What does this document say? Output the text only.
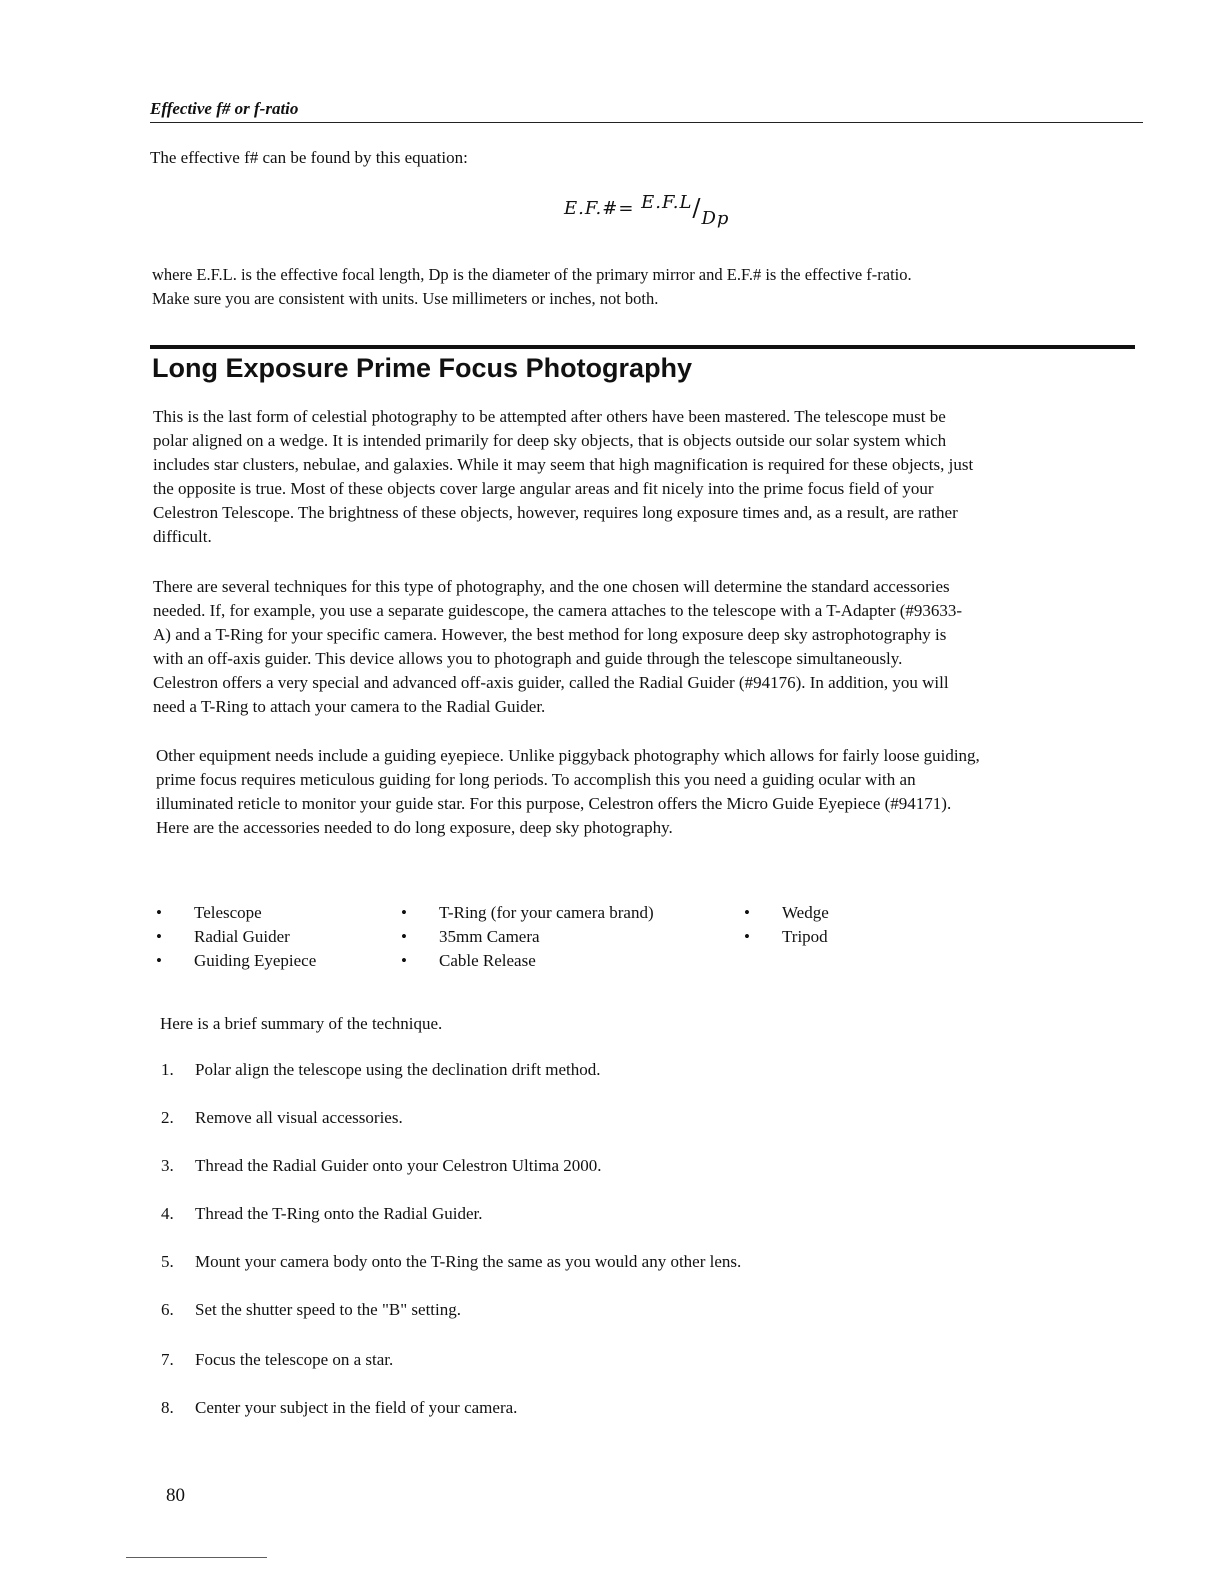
Effective f# or f-ratio
The effective f# can be found by this equation:
E.F.#= E.F.L/Dp
where E.F.L. is the effective focal length, Dp is the diameter of the primary mirror and E.F.# is the effective f-ratio.
Make sure you are consistent with units. Use millimeters or inches, not both.
Long Exposure Prime Focus Photography
This is the last form of celestial photography to be attempted after others have been mastered. The telescope must be
polar aligned on a wedge. It is intended primarily for deep sky objects, that is objects outside our solar system which
includes star clusters, nebulae, and galaxies. While it may seem that high magnification is required for these objects, just
the opposite is true. Most of these objects cover large angular areas and fit nicely into the prime focus field of your
Celestron Telescope. The brightness of these objects, however, requires long exposure times and, as a result, are rather
difficult.
There are several techniques for this type of photography, and the one chosen will determine the standard accessories
needed. If, for example, you use a separate guidescope, the camera attaches to the telescope with a T-Adapter (#93633-
A) and a T-Ring for your specific camera. However, the best method for long exposure deep sky astrophotography is
with an off-axis guider. This device allows you to photograph and guide through the telescope simultaneously.
Celestron offers a very special and advanced off-axis guider, called the Radial Guider (#94176). In addition, you will
need a T-Ring to attach your camera to the Radial Guider.
Other equipment needs include a guiding eyepiece. Unlike piggyback photography which allows for fairly loose guiding,
prime focus requires meticulous guiding for long periods. To accomplish this you need a guiding ocular with an
illuminated reticle to monitor your guide star. For this purpose, Celestron offers the Micro Guide Eyepiece (#94171).
Here are the accessories needed to do long exposure, deep sky photography.
• Telescope
• Radial Guider
• Guiding Eyepiece
• T-Ring (for your camera brand)
• 35mm Camera
• Cable Release
• Wedge
• Tripod
Here is a brief summary of the technique.
1. Polar align the telescope using the declination drift method.
2. Remove all visual accessories.
3. Thread the Radial Guider onto your Celestron Ultima 2000.
4. Thread the T-Ring onto the Radial Guider.
5. Mount your camera body onto the T-Ring the same as you would any other lens.
6. Set the shutter speed to the "B" setting.
7. Focus the telescope on a star.
8. Center your subject in the field of your camera.
80
